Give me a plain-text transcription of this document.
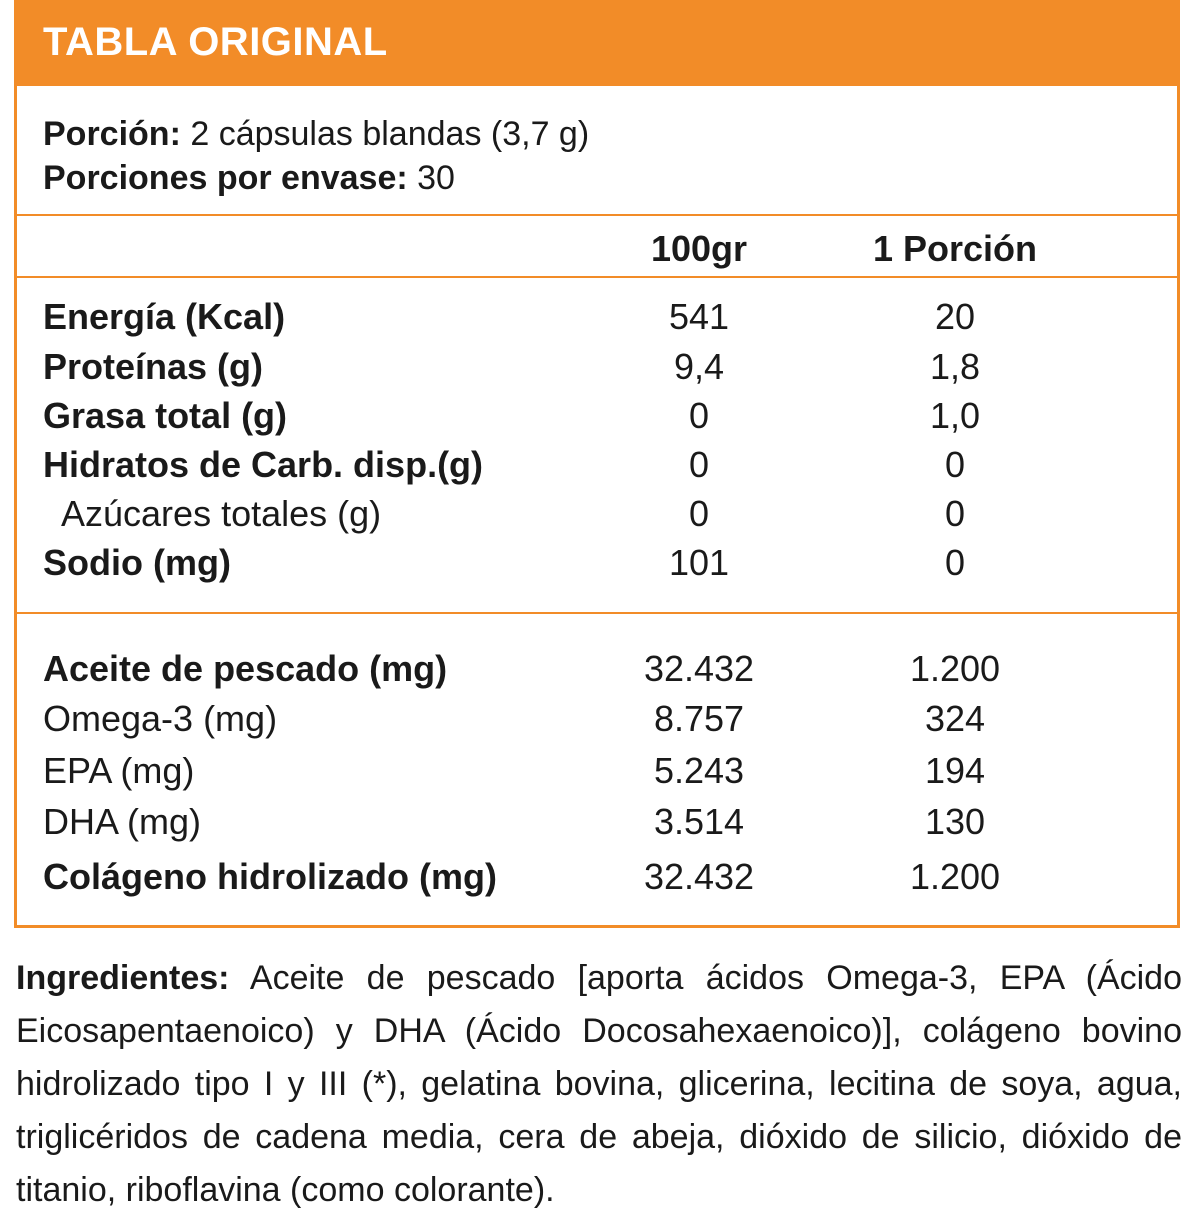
TABLA ORIGINAL
Porción: 2 cápsulas blandas (3,7 g)
Porciones por envase: 30
100gr	1 Porción
Energía (Kcal)	541	20
Proteínas (g)	9,4	1,8
Grasa total (g)	0	1,0
Hidratos de Carb. disp.(g)	0	0
Azúcares totales (g)	0	0
Sodio (mg)	101	0
Aceite de pescado (mg)	32.432	1.200
Omega-3 (mg)	8.757	324
EPA (mg)	5.243	194
DHA (mg)	3.514	130
Colágeno hidrolizado (mg)	32.432	1.200
Ingredientes: Aceite de pescado [aporta ácidos Omega-3, EPA (Ácido Eicosapentaenoico) y DHA (Ácido Docosahexaenoico)], colágeno bovino hidrolizado tipo I y III (*), gelatina bovina, glicerina, lecitina de soya, agua, triglicéridos de cadena media, cera de abeja, dióxido de silicio, dióxido de titanio, riboflavina (como colorante).
